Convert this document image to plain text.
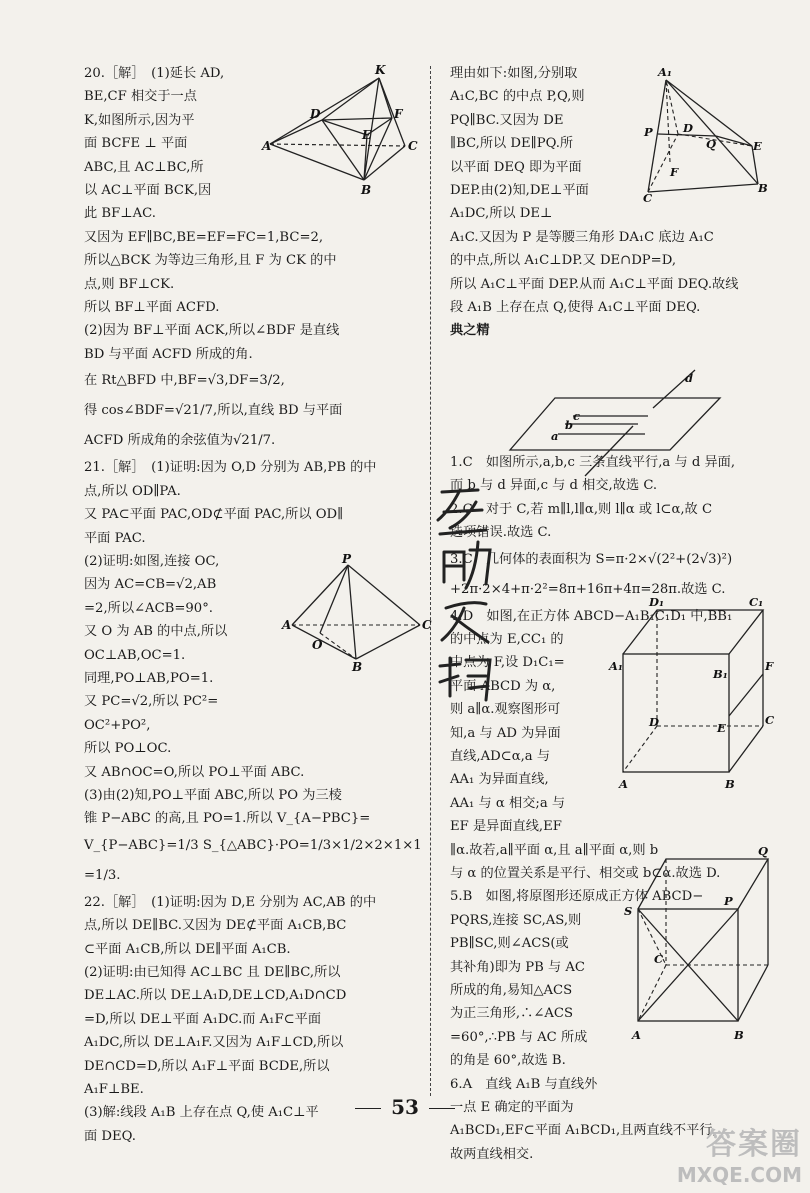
20.［解］　(1)延长 AD,

BE,CF 相交于一点

K,如图所示,因为平

面 BCFE ⊥ 平面

ABC,且 AC⊥BC,所

以 AC⊥平面 BCK,因

此 BF⊥AC.

又因为 EF∥BC,BE=EF=FC=1,BC=2,

所以△BCK 为等边三角形,且 F 为 CK 的中

点,则 BF⊥CK.

所以 BF⊥平面 ACFD.

(2)因为 BF⊥平面 ACK,所以∠BDF 是直线

BD 与平面 ACFD 所成的角.

在 Rt△BFD 中,BF=√3,DF=3/2,

得 cos∠BDF=√21/7,所以,直线 BD 与平面

ACFD 所成角的余弦值为√21/7.

21.［解］　(1)证明:因为 O,D 分别为 AB,PB 的中

点,所以 OD∥PA.

又 PA⊂平面 PAC,OD⊄平面 PAC,所以 OD∥

平面 PAC.

(2)证明:如图,连接 OC,

因为 AC=CB=√2,AB

=2,所以∠ACB=90°.

又 O 为 AB 的中点,所以

OC⊥AB,OC=1.

同理,PO⊥AB,PO=1.

又 PC=√2,所以 PC²=

OC²+PO²,

所以 PO⊥OC.

又 AB∩OC=O,所以 PO⊥平面 ABC.

(3)由(2)知,PO⊥平面 ABC,所以 PO 为三棱

锥 P−ABC 的高,且 PO=1.所以 V_{A−PBC}=

V_{P−ABC}=1/3 S_{△ABC}·PO=1/3×1/2×2×1×1

=1/3.

22.［解］　(1)证明:因为 D,E 分别为 AC,AB 的中

点,所以 DE∥BC.又因为 DE⊄平面 A₁CB,BC

⊂平面 A₁CB,所以 DE∥平面 A₁CB.

(2)证明:由已知得 AC⊥BC 且 DE∥BC,所以

DE⊥AC.所以 DE⊥A₁D,DE⊥CD,A₁D∩CD

=D,所以 DE⊥平面 A₁DC.而 A₁F⊂平面

A₁DC,所以 DE⊥A₁F.又因为 A₁F⊥CD,所以

DE∩CD=D,所以 A₁F⊥平面 BCDE,所以

A₁F⊥BE.

(3)解:线段 A₁B 上存在点 Q,使 A₁C⊥平

面 DEQ.

理由如下:如图,分别取

A₁C,BC 的中点 P,Q,则

PQ∥BC.又因为 DE

∥BC,所以 DE∥PQ.所

以平面 DEQ 即为平面

DEP.由(2)知,DE⊥平面

A₁DC,所以 DE⊥

A₁C.又因为 P 是等腰三角形 DA₁C 底边 A₁C

的中点,所以 A₁C⊥DP.又 DE∩DP=D,

所以 A₁C⊥平面 DEP.从而 A₁C⊥平面 DEQ.故线

段 A₁B 上存在点 Q,使得 A₁C⊥平面 DEQ.

典之精

1.C　如图所示,a,b,c 三条直线平行,a 与 d 异面,

而 b 与 d 异面,c 与 d 相交,故选 C.

2.C　对于 C,若 m∥l,l∥α,则 l∥α 或 l⊂α,故 C

选项错误.故选 C.

3.C　几何体的表面积为 S=π·2×√(2²+(2√3)²)

+2π·2×4+π·2²=8π+16π+4π=28π.故选 C.

4.D　如图,在正方体 ABCD−A₁B₁C₁D₁ 中,BB₁

的中点为 E,CC₁ 的

中点为 F,设 D₁C₁=

平面 ABCD 为 α,

则 a∥α.观察图形可

知,a 与 AD 为异面

直线,AD⊂α,a 与

AA₁ 为异面直线,

AA₁ 与 α 相交;a 与

EF 是异面直线,EF

∥α.故若,a∥平面 α,且 a∥平面 α,则 b

与 α 的位置关系是平行、相交或 b⊂α.故选 D.

5.B　如图,将原图形还原成正方体 ABCD−

PQRS,连接 SC,AS,则

PB∥SC,则∠ACS(或

其补角)即为 PB 与 AC

所成的角,易知△ACS

为正三角形,∴∠ACS

=60°,∴PB 与 AC 所成

的角是 60°,故选 B.

6.A　直线 A₁B 与直线外

一点 E 确定的平面为

A₁BCD₁,EF⊂平面 A₁BCD₁,且两直线不平行,

故两直线相交.

K
D	F
E
A	C
B
P
A
O
C
B
A₁
P	D
Q	E
F
C
B
d
c
b
a
D₁	C₁
A₁
B₁
F
D	E
C
A	B
Q
S
P
C
A	B
53
答案圈
MXQE.COM
